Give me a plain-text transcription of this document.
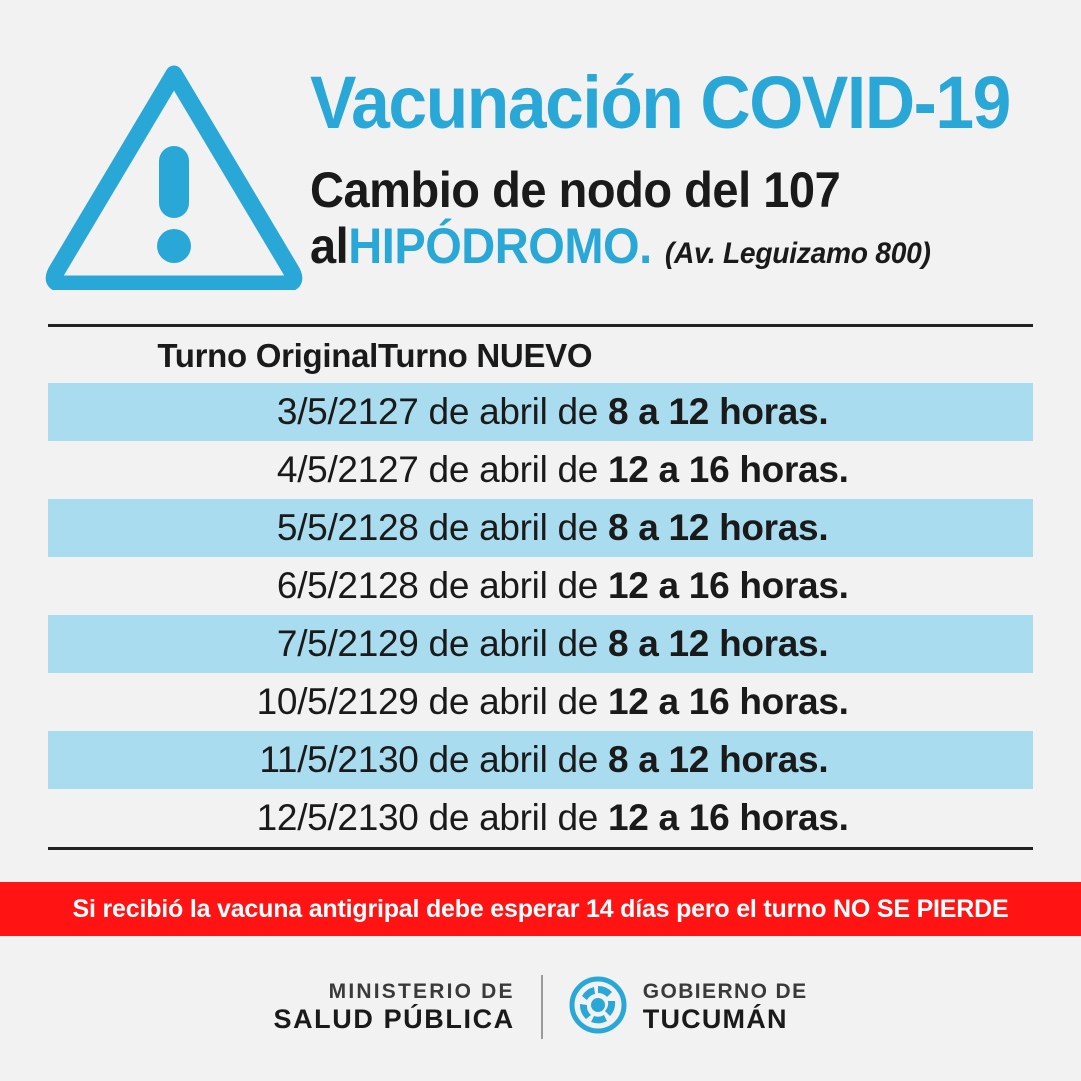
Vacunación COVID-19
Cambio de nodo del 107
al HIPÓDROMO. (Av. Leguizamo 800)
Turno Original	Turno NUEVO
3/5/21	27 de abril de 8 a 12 horas.
4/5/21	27 de abril de 12 a 16 horas.
5/5/21	28 de abril de 8 a 12 horas.
6/5/21	28 de abril de 12 a 16 horas.
7/5/21	29 de abril de 8 a 12 horas.
10/5/21	29 de abril de 12 a 16 horas.
11/5/21	30 de abril de 8 a 12 horas.
12/5/21	30 de abril de 12 a 16 horas.
Si recibió la vacuna antigripal debe esperar 14 días pero el turno NO SE PIERDE
MINISTERIO DE
SALUD PÚBLICA
GOBIERNO DE
TUCUMÁN
